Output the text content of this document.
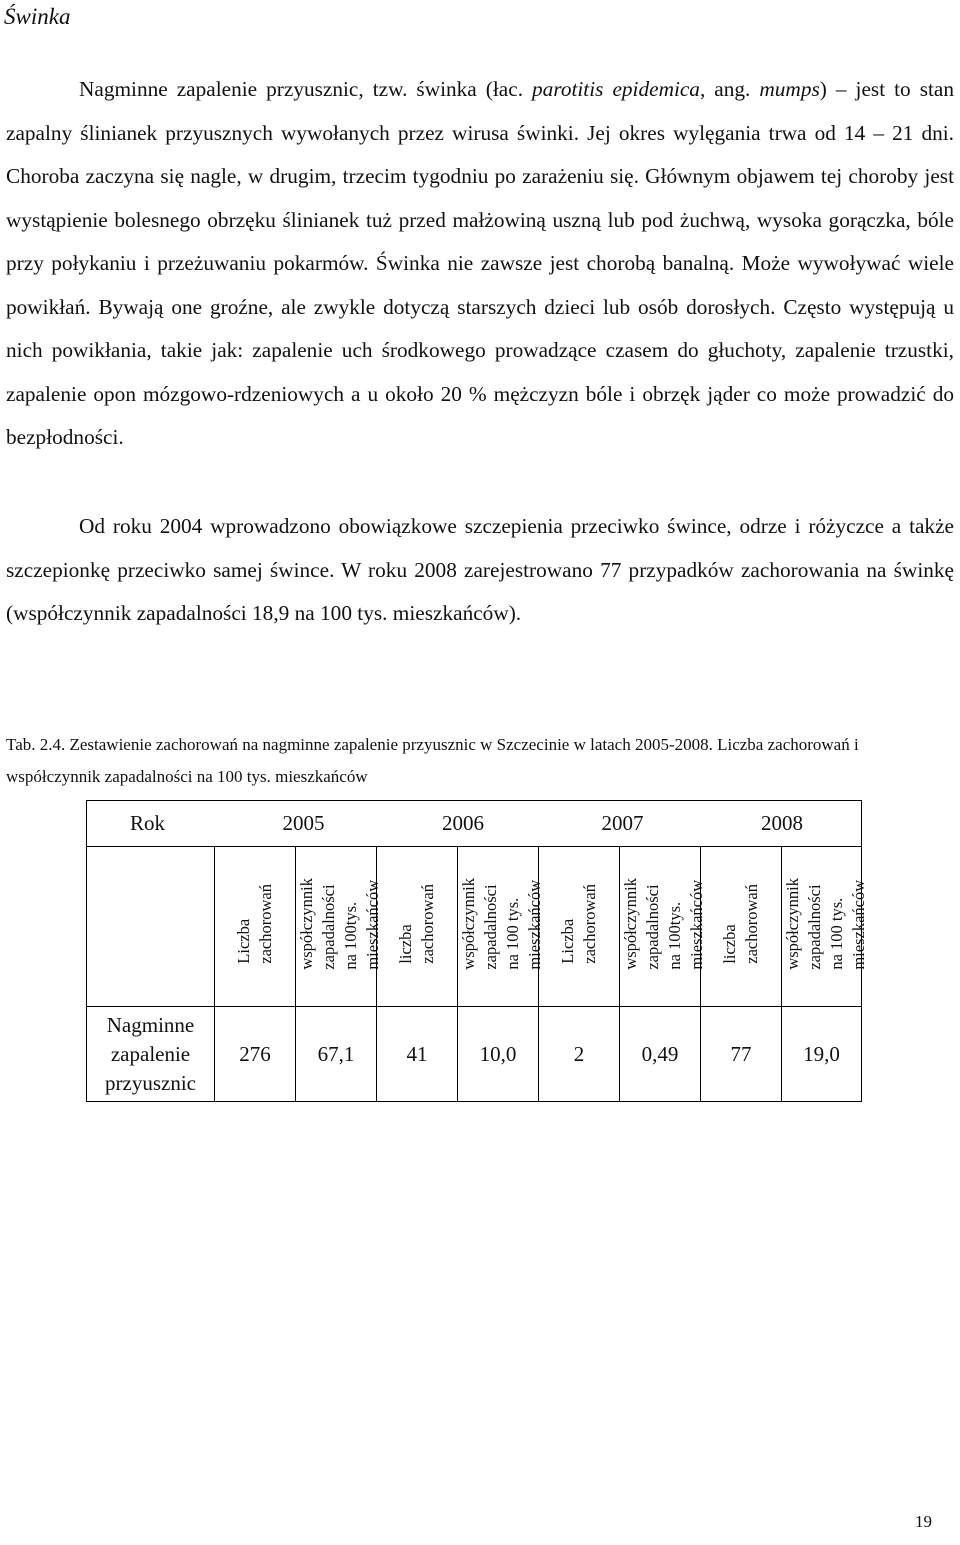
Świnka

Nagminne zapalenie przyusznic, tzw. świnka (łac. parotitis epidemica, ang. mumps) – jest to stan zapalny ślinianek przyusznych wywołanych przez wirusa świnki. Jej okres wylęgania trwa od 14 – 21 dni. Choroba zaczyna się nagle, w drugim, trzecim tygodniu po zarażeniu się. Głównym objawem tej choroby jest wystąpienie bolesnego obrzęku ślinianek tuż przed małżowiną uszną lub pod żuchwą, wysoka gorączka, bóle przy połykaniu i przeżuwaniu pokarmów. Świnka nie zawsze jest chorobą banalną. Może wywoływać wiele powikłań. Bywają one groźne, ale zwykle dotyczą starszych dzieci lub osób dorosłych. Często występują u nich powikłania, takie jak: zapalenie uch środkowego prowadzące czasem do głuchoty, zapalenie trzustki, zapalenie opon mózgowo-rdzeniowych a u około 20 % mężczyzn bóle i obrzęk jąder co może prowadzić do bezpłodności.

Od roku 2004 wprowadzono obowiązkowe szczepienia przeciwko śwince, odrze i różyczce a także szczepionkę przeciwko samej śwince. W roku 2008 zarejestrowano 77 przypadków zachorowania na świnkę (współczynnik zapadalności 18,9 na 100 tys. mieszkańców).

Tab. 2.4. Zestawienie zachorowań na nagminne zapalenie przyusznic w Szczecinie w latach 2005-2008. Liczba zachorowań i współczynnik zapadalności na 100 tys. mieszkańców
Rok 2005 2006 2007 2008								

	Liczba
zachorowań	współczynnik
zapadalności
na 100tys.
mieszkańców	liczba
zachorowań	współczynnik
zapadalności
na 100 tys.
mieszkańców	Liczba
zachorowań	współczynnik
zapadalności
na 100tys.
mieszkańców	liczba
zachorowań	współczynnik
zapadalności
na 100 tys.
mieszkańców
Nagminne
zapalenie
przyusznic	276	67,1	41	10,0	2	0,49	77	19,0
19
